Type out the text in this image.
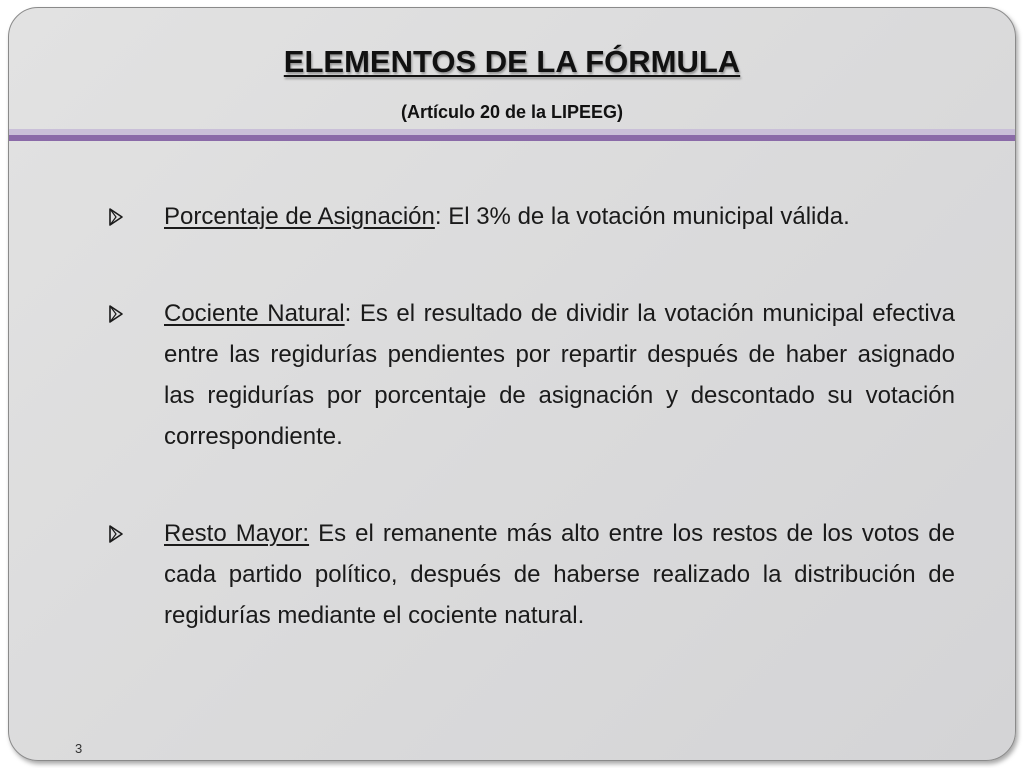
ELEMENTOS DE LA FÓRMULA
(Artículo 20 de la LIPEEG)
Porcentaje de Asignación: El 3% de la votación municipal válida.
Cociente Natural: Es el resultado de dividir la votación municipal efectiva entre las regidurías pendientes por repartir después de haber asignado las regidurías por porcentaje de asignación y descontado su votación correspondiente.
Resto Mayor: Es el remanente más alto entre los restos de los votos de cada partido político, después de haberse realizado la distribución de regidurías mediante el cociente natural.
3
